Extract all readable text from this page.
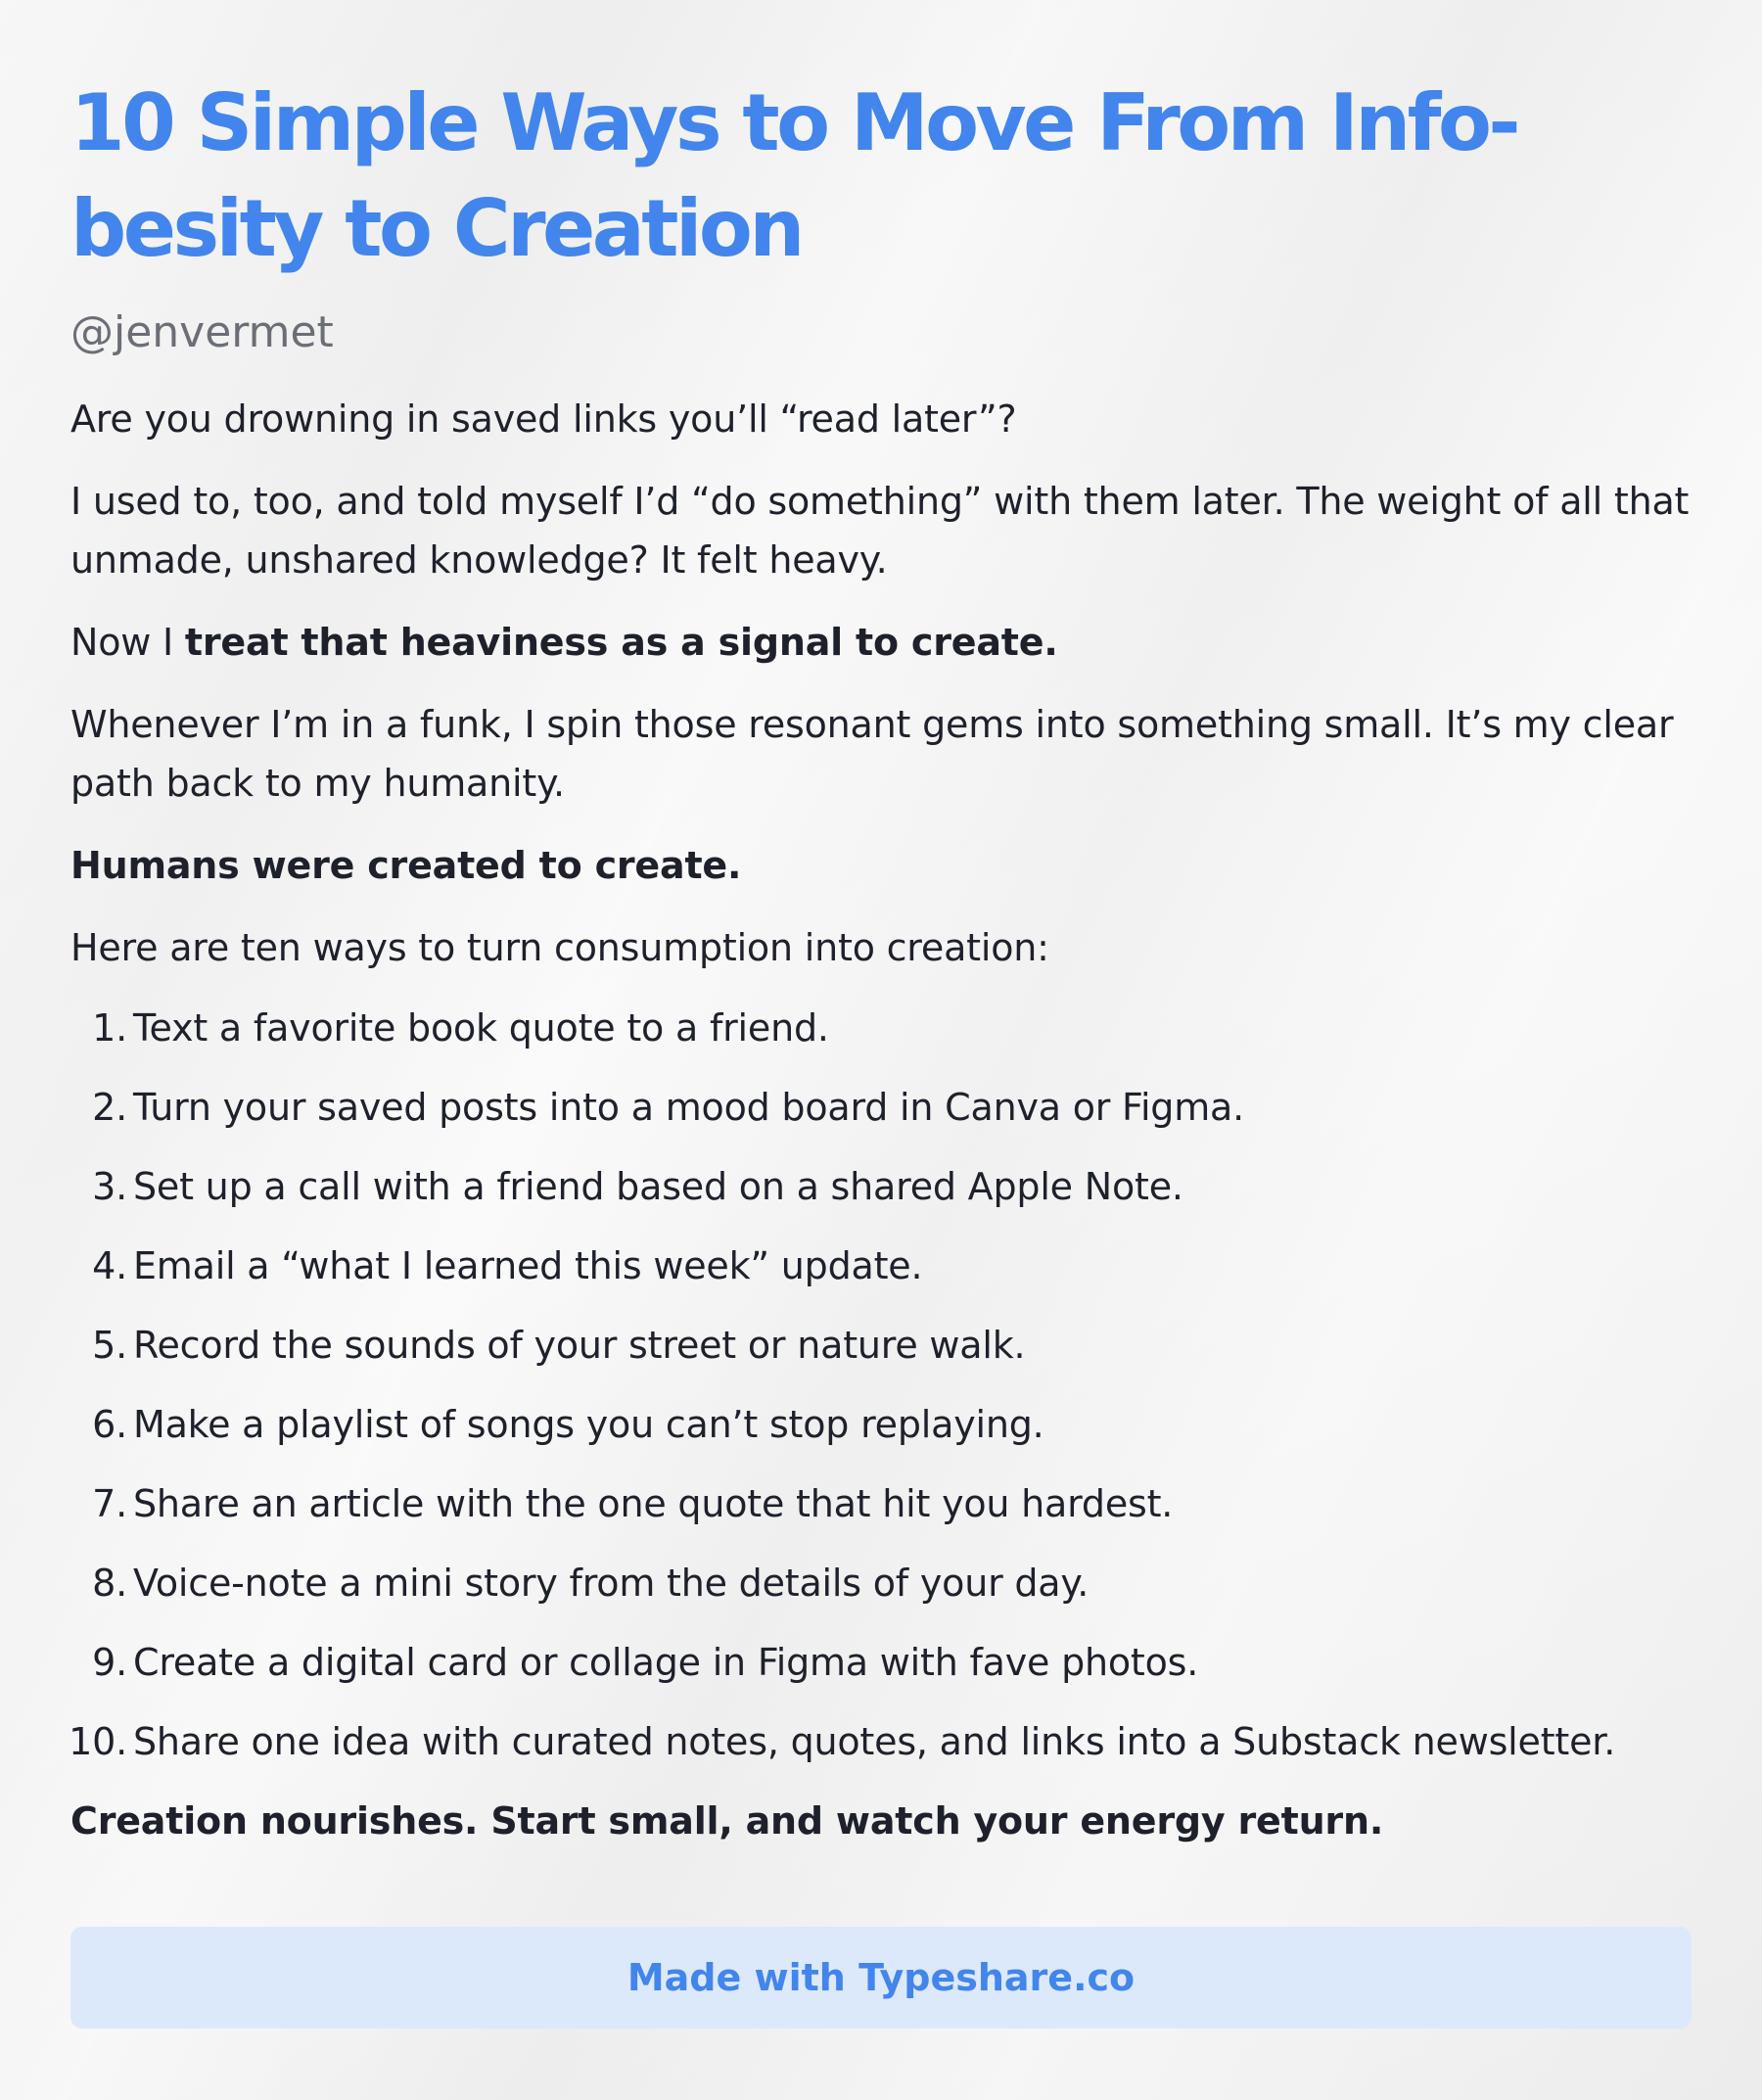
10 Simple Ways to Move From Info-besity to Creation
@jenvermet

Are you drowning in saved links you’ll “read later”?

I used to, too, and told myself I’d “do something” with them later. The weight of all that unmade, unshared knowledge? It felt heavy.

Now I treat that heaviness as a signal to create.

Whenever I’m in a funk, I spin those resonant gems into something small. It’s my clear path back to my humanity.

Humans were created to create.

Here are ten ways to turn consumption into creation:

1 . Text a favorite book quote to a friend.
2 . Turn your saved posts into a mood board in Canva or Figma.
3 . Set up a call with a friend based on a shared Apple Note.
4 . Email a “what I learned this week” update.
5 . Record the sounds of your street or nature walk.
6 . Make a playlist of songs you can’t stop replaying.
7 . Share an article with the one quote that hit you hardest.
8 . Voice-note a mini story from the details of your day.
9 . Create a digital card or collage in Figma with fave photos.
10 . Share one idea with curated notes, quotes, and links into a Substack newsletter.

Creation nourishes. Start small, and watch your energy return.

Made with Typeshare.co
